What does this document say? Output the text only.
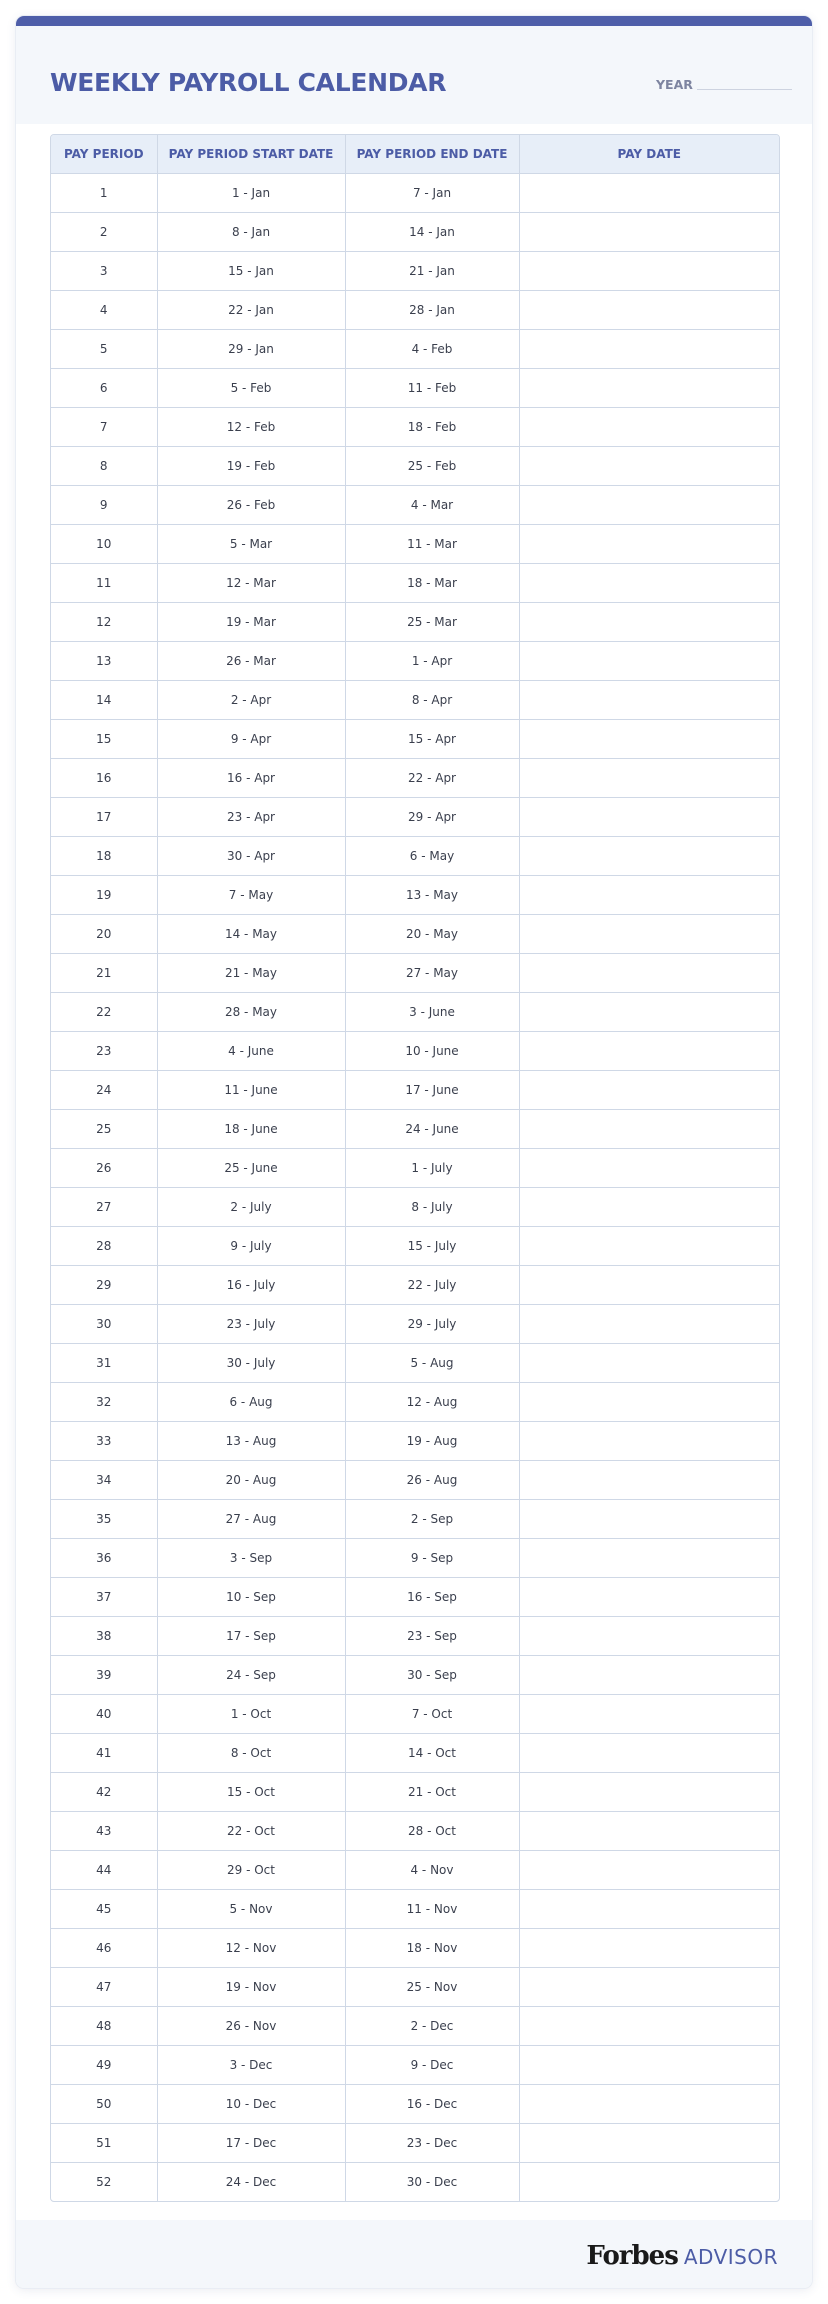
WEEKLY PAYROLL CALENDAR	YEAR
PAY PERIOD	PAY PERIOD START DATE	PAY PERIOD END DATE	PAY DATE
1	1 - Jan	7 - Jan	
2	8 - Jan	14 - Jan	
3	15 - Jan	21 - Jan	
4	22 - Jan	28 - Jan	
5	29 - Jan	4 - Feb	
6	5 - Feb	11 - Feb	
7	12 - Feb	18 - Feb	
8	19 - Feb	25 - Feb	
9	26 - Feb	4 - Mar	
10	5 - Mar	11 - Mar	
11	12 - Mar	18 - Mar	
12	19 - Mar	25 - Mar	
13	26 - Mar	1 - Apr	
14	2 - Apr	8 - Apr	
15	9 - Apr	15 - Apr	
16	16 - Apr	22 - Apr	
17	23 - Apr	29 - Apr	
18	30 - Apr	6 - May	
19	7 - May	13 - May	
20	14 - May	20 - May	
21	21 - May	27 - May	
22	28 - May	3 - June	
23	4 - June	10 - June	
24	11 - June	17 - June	
25	18 - June	24 - June	
26	25 - June	1 - July	
27	2 - July	8 - July	
28	9 - July	15 - July	
29	16 - July	22 - July	
30	23 - July	29 - July	
31	30 - July	5 - Aug	
32	6 - Aug	12 - Aug	
33	13 - Aug	19 - Aug	
34	20 - Aug	26 - Aug	
35	27 - Aug	2 - Sep	
36	3 - Sep	9 - Sep	
37	10 - Sep	16 - Sep	
38	17 - Sep	23 - Sep	
39	24 - Sep	30 - Sep	
40	1 - Oct	7 - Oct	
41	8 - Oct	14 - Oct	
42	15 - Oct	21 - Oct	
43	22 - Oct	28 - Oct	
44	29 - Oct	4 - Nov	
45	5 - Nov	11 - Nov	
46	12 - Nov	18 - Nov	
47	19 - Nov	25 - Nov	
48	26 - Nov	2 - Dec	
49	3 - Dec	9 - Dec	
50	10 - Dec	16 - Dec	
51	17 - Dec	23 - Dec	
52	24 - Dec	30 - Dec	
Forbes ADVISOR
